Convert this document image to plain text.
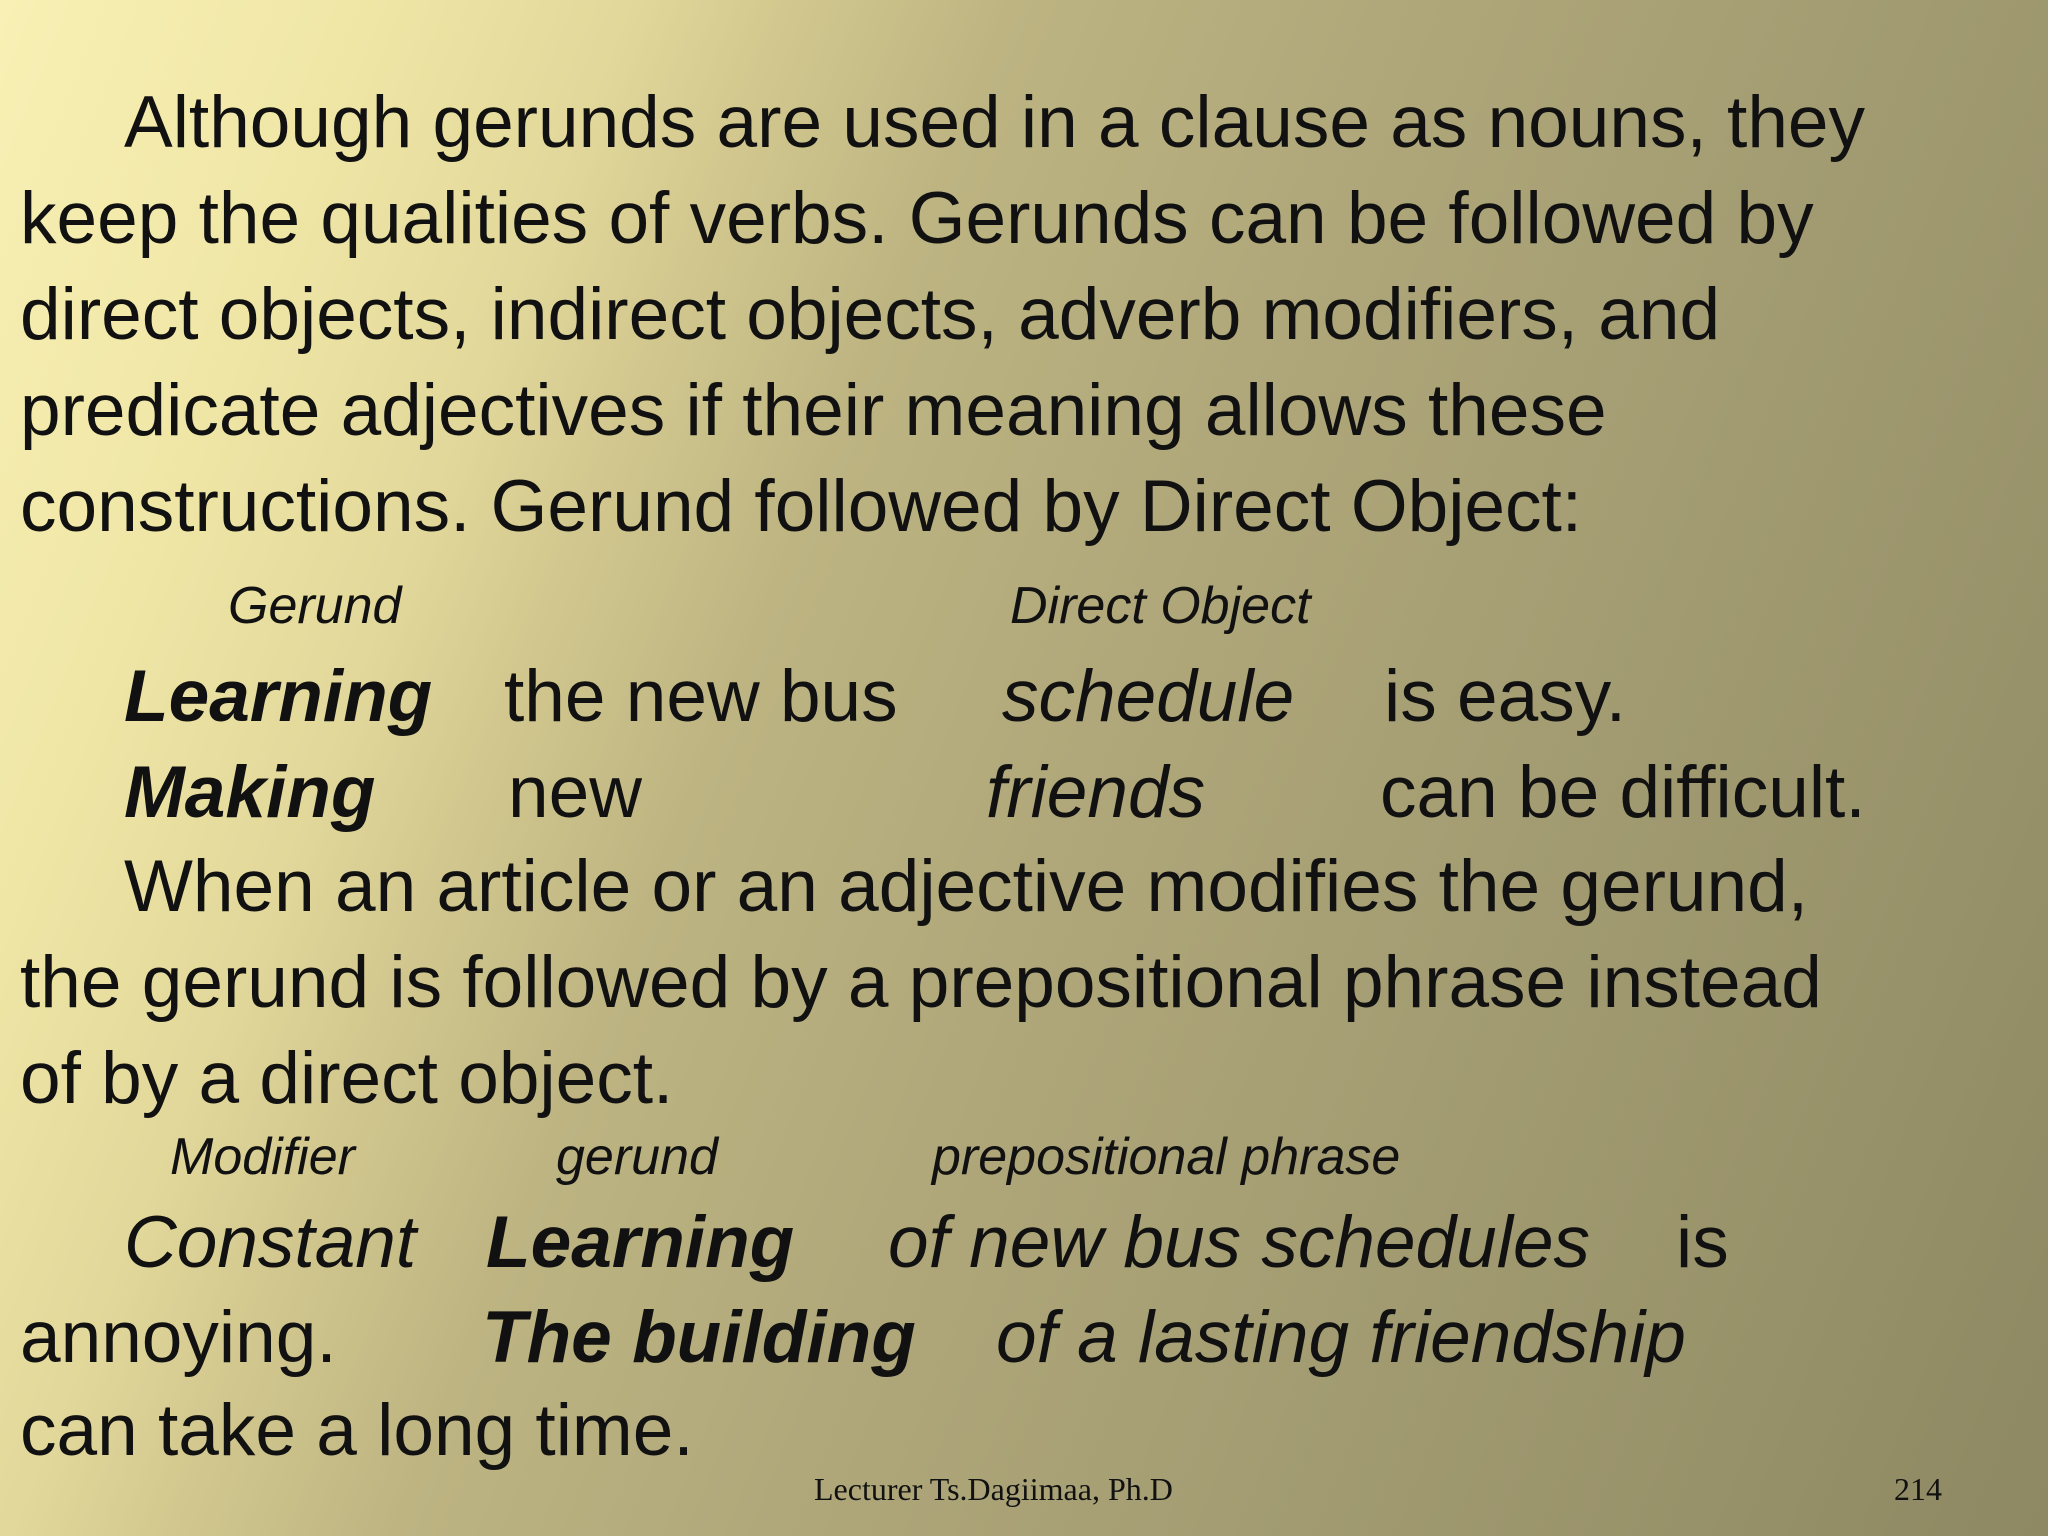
Although gerunds are used in a clause as nouns, they
keep the qualities of verbs. Gerunds can be followed by
direct objects, indirect objects, adverb modifiers, and
predicate adjectives if their meaning allows these
constructions. Gerund followed by Direct Object:
Gerund	Direct Object
Learning the new bus schedule is easy.
Making new	friends can be difficult.
When an article or an adjective modifies the gerund,
the gerund is followed by a prepositional phrase instead
of by a direct object.
Modifier	gerund	prepositional phrase
Constant Learning of new bus schedules is
annoying. The building of a lasting friendship
can take a long time.
Lecturer Ts.Dagiimaa, Ph.D	214
